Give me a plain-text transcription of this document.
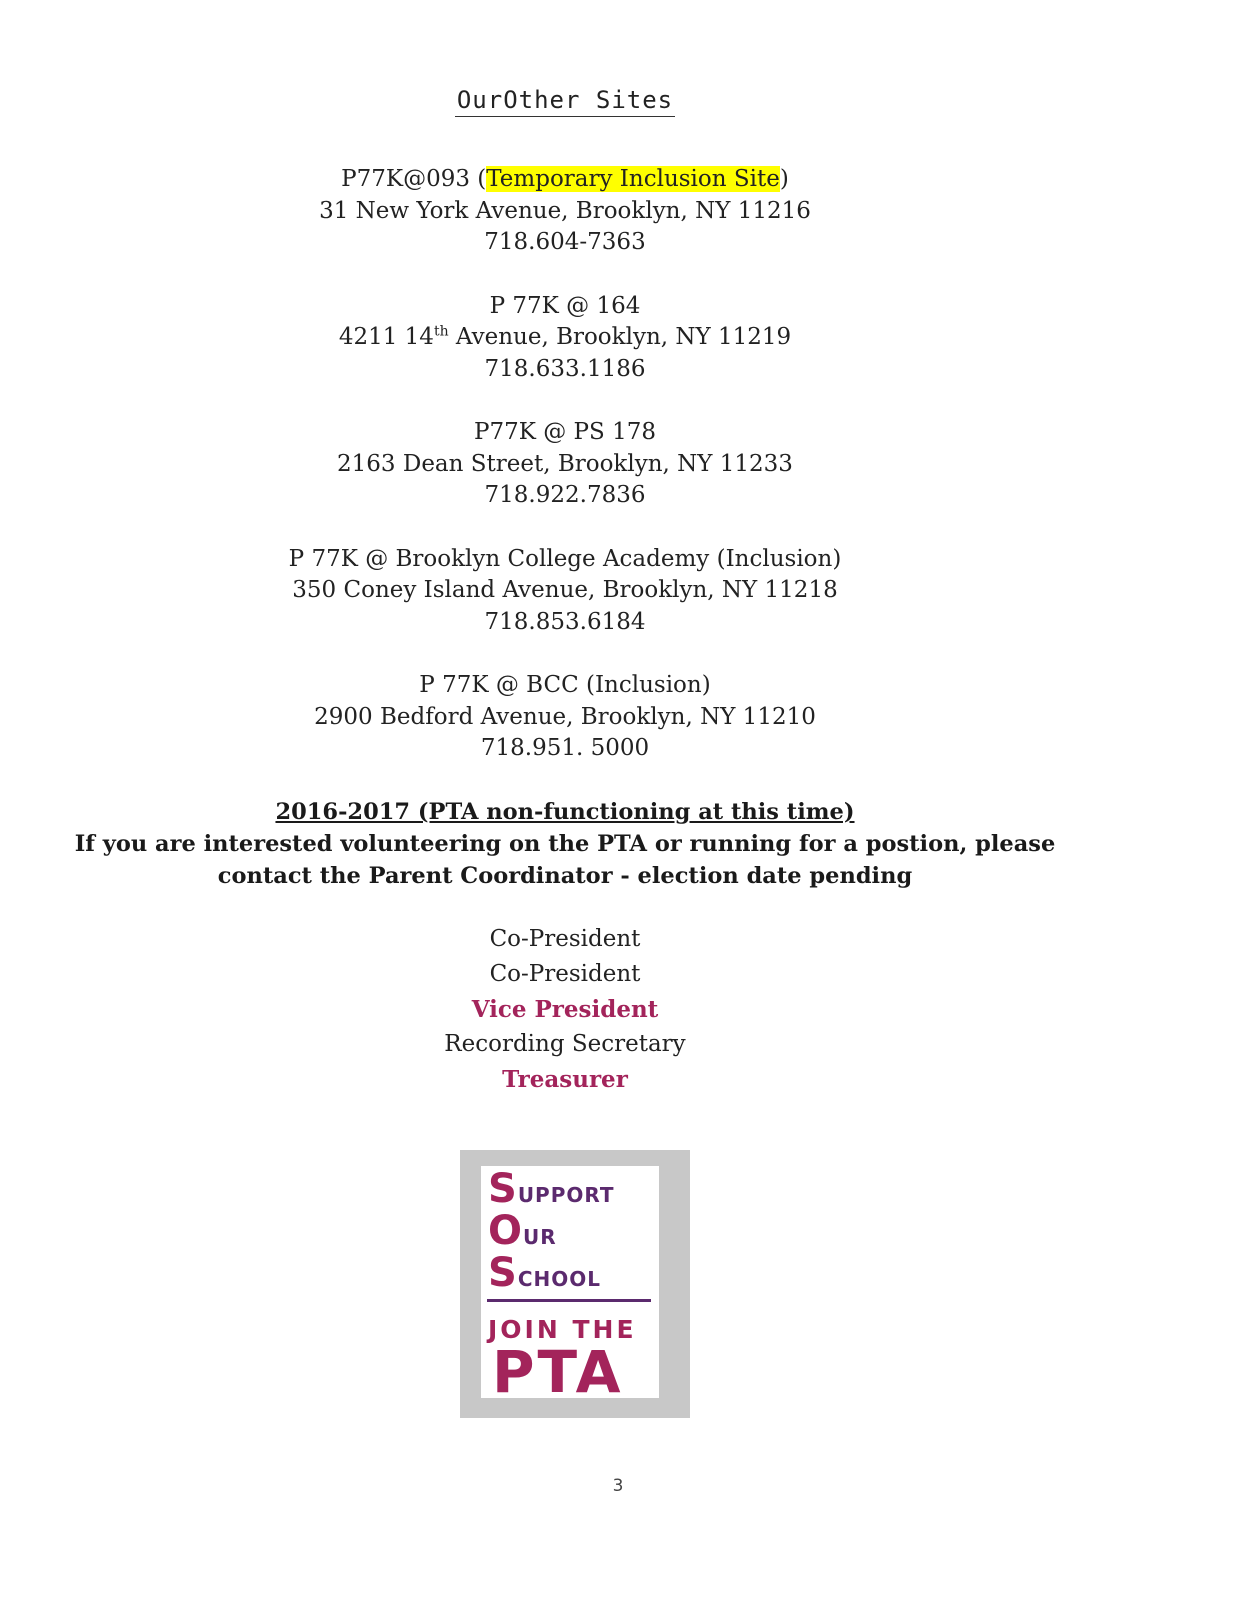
OurOther Sites
P77K@093 (Temporary Inclusion Site)
31 New York Avenue, Brooklyn, NY 11216
718.604-7363
P 77K @ 164
4211 14th Avenue, Brooklyn, NY 11219
718.633.1186
P77K @ PS 178
2163 Dean Street, Brooklyn, NY 11233
718.922.7836
P 77K @ Brooklyn College Academy (Inclusion)
350 Coney Island Avenue, Brooklyn, NY 11218
718.853.6184
P 77K @ BCC (Inclusion)
2900 Bedford Avenue, Brooklyn, NY 11210
718.951. 5000
2016-2017 (PTA non-functioning at this time)
If you are interested volunteering on the PTA or running for a postion, please
contact the Parent Coordinator - election date pending
Co-President
Co-President
Vice President
Recording Secretary
Treasurer
SUPPORT
OUR
SCHOOL
JOIN THE
PTA
3
